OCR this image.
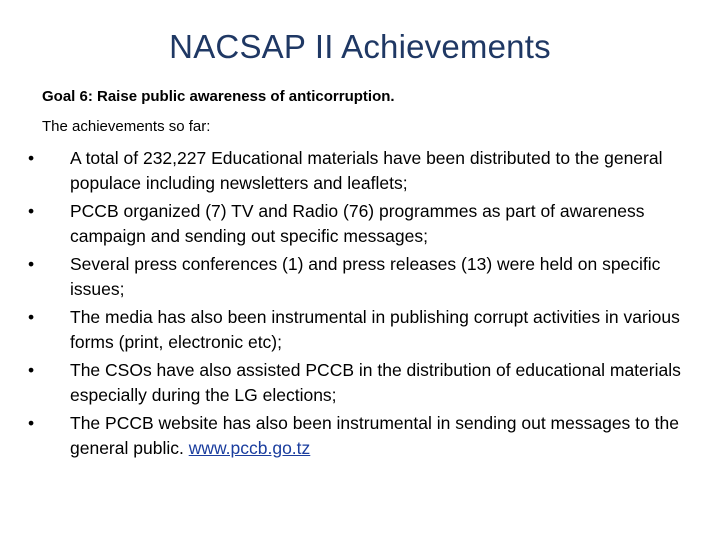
NACSAP II Achievements
Goal 6: Raise public awareness of anticorruption.
The achievements so far:
•	A total of 232,227 Educational materials have been distributed to the general populace including newsletters and leaflets;
•	PCCB organized (7) TV and Radio (76) programmes as part of awareness campaign and sending out specific messages;
•	Several press conferences (1) and press releases (13) were held on specific issues;
•	The media has also been instrumental in publishing corrupt activities in various forms (print, electronic etc);
•	The CSOs have also assisted PCCB in the distribution of educational materials especially during the LG elections;
•	The PCCB website has also been instrumental in sending out messages to the general public. www.pccb.go.tz
